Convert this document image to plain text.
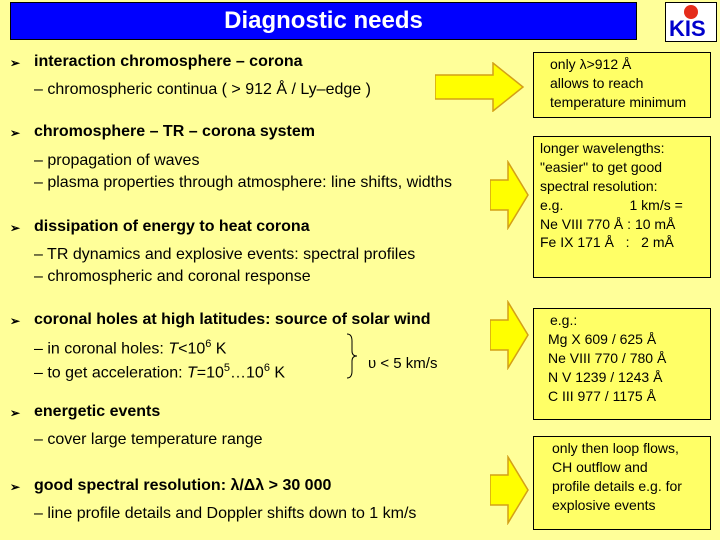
Diagnostic needs	KIS
➢ interaction chromosphere – corona
– chromospheric continua ( > 912 Å / Ly–edge )
➢ chromosphere – TR – corona system
– propagation of waves
– plasma properties through atmosphere: line shifts, widths
➢ dissipation of energy to heat corona
– TR dynamics and explosive events: spectral profiles
– chromospheric and coronal response
➢ coronal holes at high latitudes: source of solar wind
– in coronal holes: $T<10^6$ K
– to get acceleration: $T=10^5\dots 10^6$ K
υ < 5 km/s
➢ energetic events
– cover large temperature range
➢ good spectral resolution: λ/Δλ > 30 000
– line profile details and Doppler shifts down to 1 km/s
only λ>912 Å
allows to reach
temperature minimum
longer wavelengths:
"easier" to get good
spectral resolution:
e.g.                 1 km/s =
Ne VIII 770 Å : 10 mÅ
Fe IX 171 Å   :   2 mÅ
e.g.:
Mg X 609 / 625 Å
Ne VIII 770 / 780 Å
N V 1239 / 1243 Å
C III 977 / 1175 Å
only then loop flows,
CH outflow and
profile details e.g. for
explosive events
